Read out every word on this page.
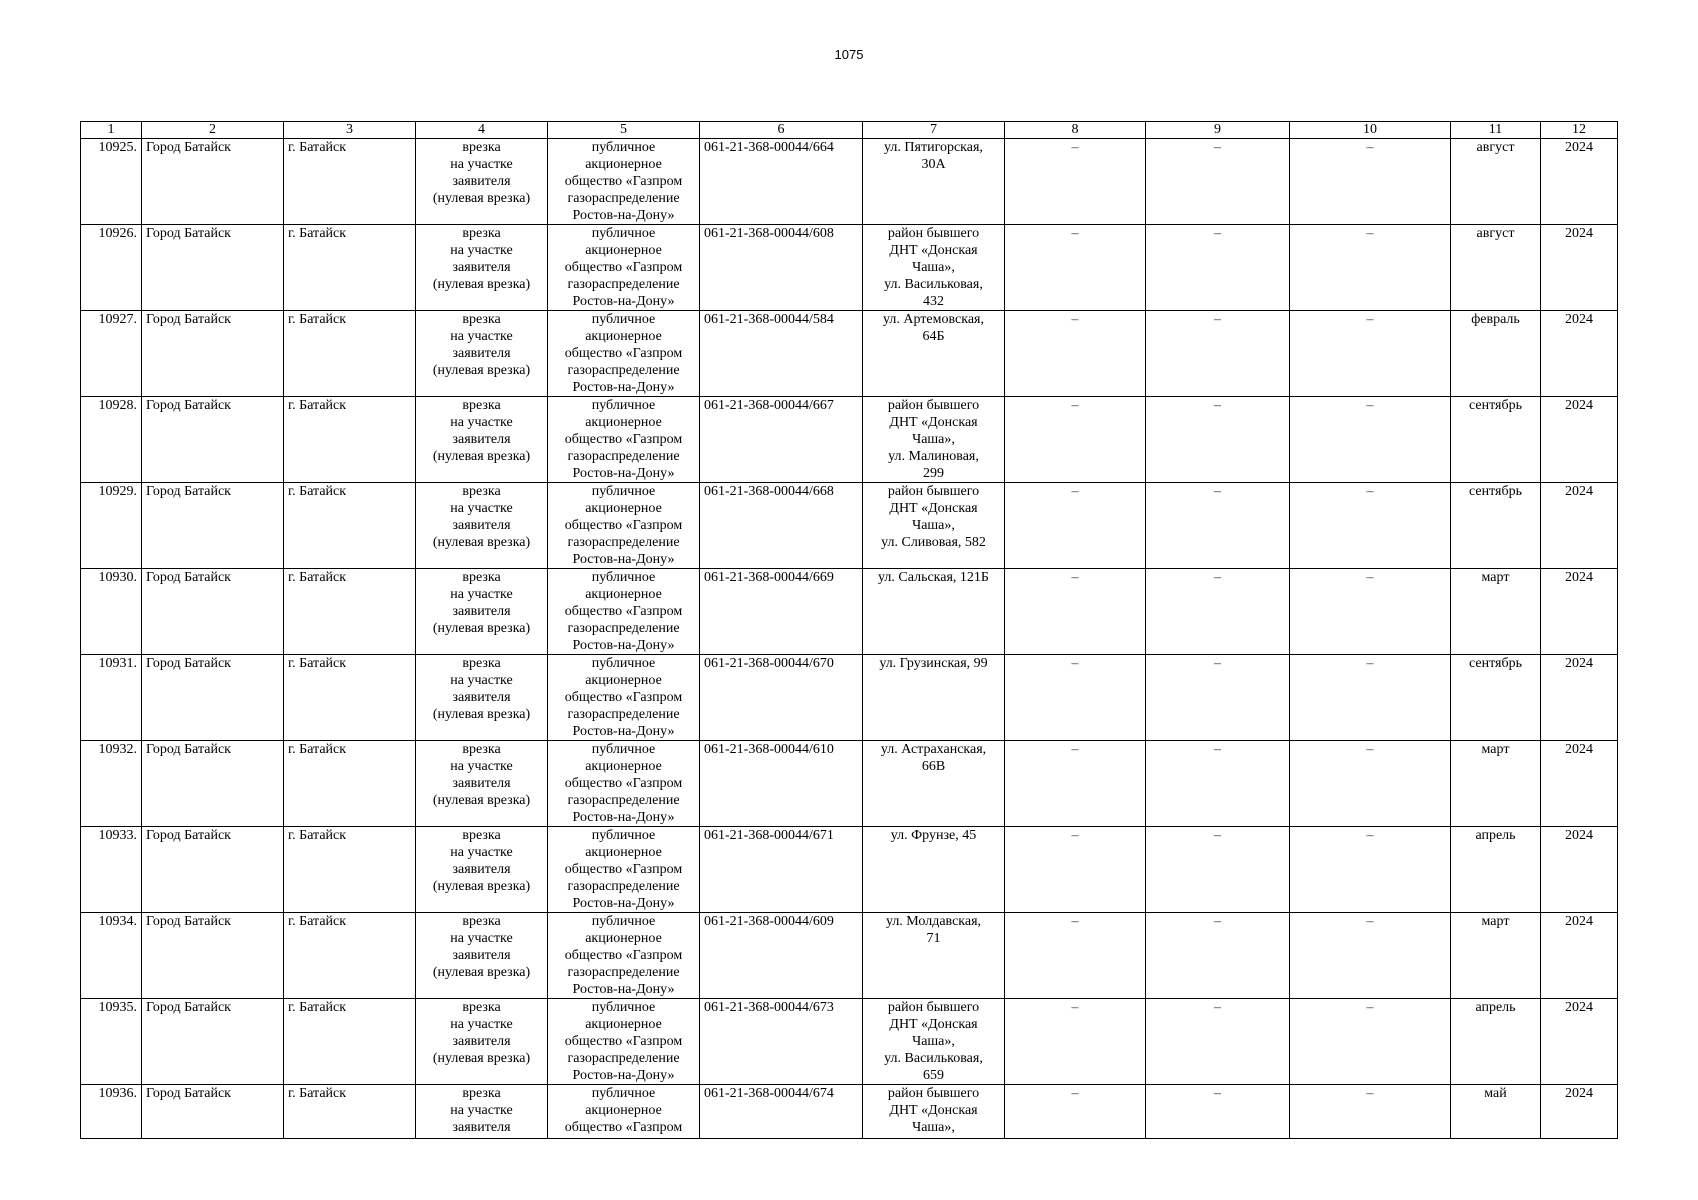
1075
1	2	3	4	5	6	7	8	9	10	11	12
10925.	Город Батайск	г. Батайск	врезка
на участке
заявителя
(нулевая врезка)	публичное
акционерное
общество «Газпром
газораспределение
Ростов-на-Дону»	061-21-368-00044/664	ул. Пятигорская,
30А	–	–	–	август	2024
10926.	Город Батайск	г. Батайск	врезка
на участке
заявителя
(нулевая врезка)	публичное
акционерное
общество «Газпром
газораспределение
Ростов-на-Дону»	061-21-368-00044/608	район бывшего
ДНТ «Донская
Чаша»,
ул. Васильковая,
432	–	–	–	август	2024
10927.	Город Батайск	г. Батайск	врезка
на участке
заявителя
(нулевая врезка)	публичное
акционерное
общество «Газпром
газораспределение
Ростов-на-Дону»	061-21-368-00044/584	ул. Артемовская,
64Б	–	–	–	февраль	2024
10928.	Город Батайск	г. Батайск	врезка
на участке
заявителя
(нулевая врезка)	публичное
акционерное
общество «Газпром
газораспределение
Ростов-на-Дону»	061-21-368-00044/667	район бывшего
ДНТ «Донская
Чаша»,
ул. Малиновая,
299	–	–	–	сентябрь	2024
10929.	Город Батайск	г. Батайск	врезка
на участке
заявителя
(нулевая врезка)	публичное
акционерное
общество «Газпром
газораспределение
Ростов-на-Дону»	061-21-368-00044/668	район бывшего
ДНТ «Донская
Чаша»,
ул. Сливовая, 582	–	–	–	сентябрь	2024
10930.	Город Батайск	г. Батайск	врезка
на участке
заявителя
(нулевая врезка)	публичное
акционерное
общество «Газпром
газораспределение
Ростов-на-Дону»	061-21-368-00044/669	ул. Сальская, 121Б	–	–	–	март	2024
10931.	Город Батайск	г. Батайск	врезка
на участке
заявителя
(нулевая врезка)	публичное
акционерное
общество «Газпром
газораспределение
Ростов-на-Дону»	061-21-368-00044/670	ул. Грузинская, 99	–	–	–	сентябрь	2024
10932.	Город Батайск	г. Батайск	врезка
на участке
заявителя
(нулевая врезка)	публичное
акционерное
общество «Газпром
газораспределение
Ростов-на-Дону»	061-21-368-00044/610	ул. Астраханская,
66В	–	–	–	март	2024
10933.	Город Батайск	г. Батайск	врезка
на участке
заявителя
(нулевая врезка)	публичное
акционерное
общество «Газпром
газораспределение
Ростов-на-Дону»	061-21-368-00044/671	ул. Фрунзе, 45	–	–	–	апрель	2024
10934.	Город Батайск	г. Батайск	врезка
на участке
заявителя
(нулевая врезка)	публичное
акционерное
общество «Газпром
газораспределение
Ростов-на-Дону»	061-21-368-00044/609	ул. Молдавская,
71	–	–	–	март	2024
10935.	Город Батайск	г. Батайск	врезка
на участке
заявителя
(нулевая врезка)	публичное
акционерное
общество «Газпром
газораспределение
Ростов-на-Дону»	061-21-368-00044/673	район бывшего
ДНТ «Донская
Чаша»,
ул. Васильковая,
659	–	–	–	апрель	2024
10936.	Город Батайск	г. Батайск	врезка
на участке
заявителя	публичное
акционерное
общество «Газпром	061-21-368-00044/674	район бывшего
ДНТ «Донская
Чаша»,	–	–	–	май	2024
